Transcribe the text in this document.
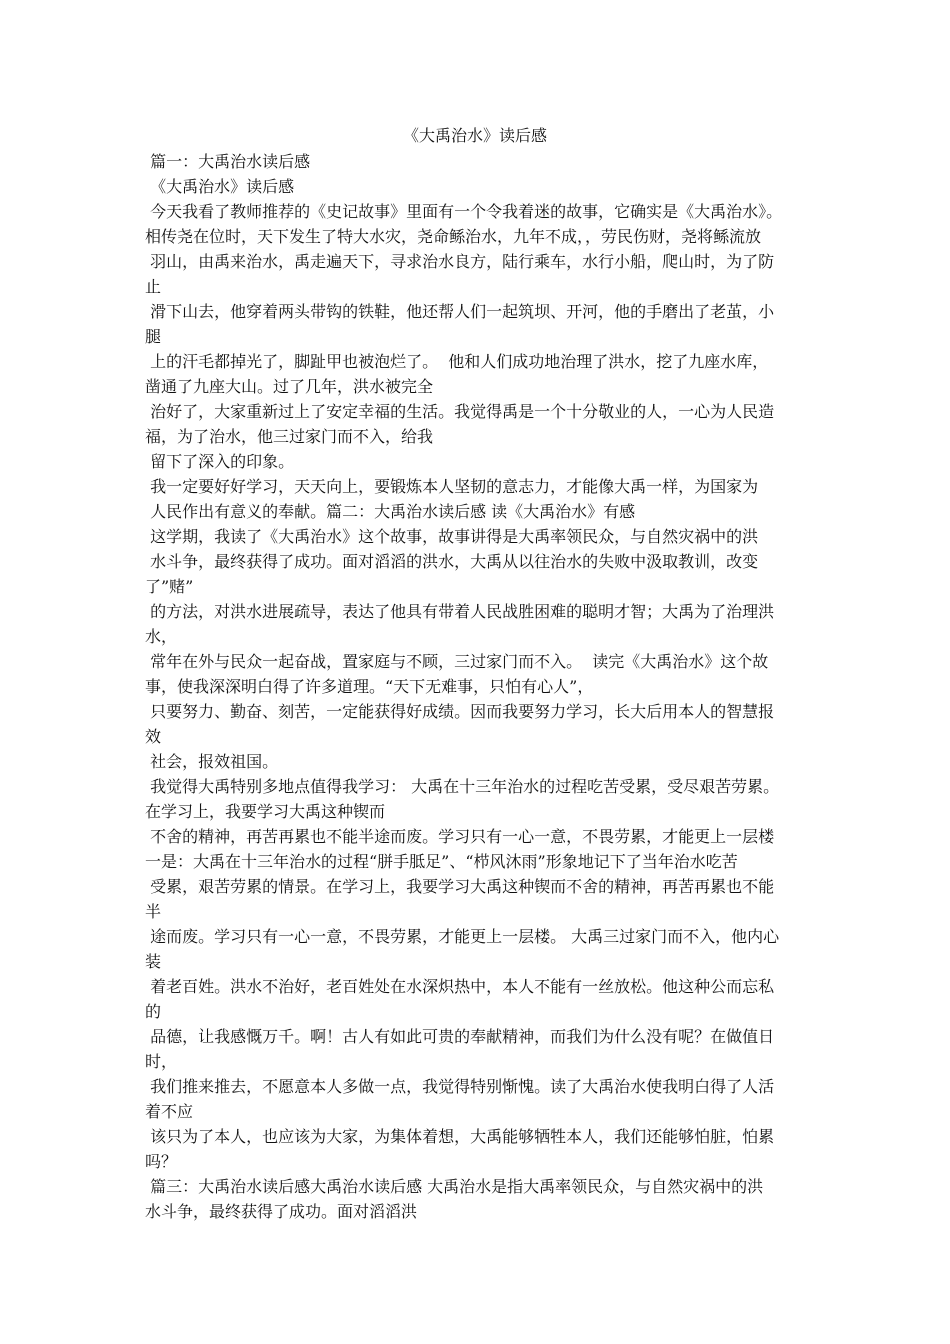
《大禹治水》读后感

篇一：大禹治水读后感

《大禹治水》读后感

今天我看了教师推荐的《史记故事》里面有一个令我着迷的故事，它确实是《大禹治水》。

相传尧在位时，天下发生了特大水灾，尧命鲧治水，九年不成，，劳民伤财，尧将鲧流放

羽山，由禹来治水，禹走遍天下，寻求治水良方，陆行乘车，水行小船，爬山时，为了防

止

滑下山去，他穿着两头带钩的铁鞋，他还帮人们一起筑坝、开河，他的手磨出了老茧，小

腿

上的汗毛都掉光了，脚趾甲也被泡烂了。  他和人们成功地治理了洪水，挖了九座水库，

凿通了九座大山。过了几年，洪水被完全

治好了，大家重新过上了安定幸福的生活。我觉得禹是一个十分敬业的人，一心为人民造

福，为了治水，他三过家门而不入，给我

留下了深入的印象。

我一定要好好学习，天天向上，要锻炼本人坚韧的意志力，才能像大禹一样，为国家为

人民作出有意义的奉献。篇二：大禹治水读后感 读《大禹治水》有感

这学期，我读了《大禹治水》这个故事，故事讲得是大禹率领民众，与自然灾祸中的洪

水斗争，最终获得了成功。面对滔滔的洪水，大禹从以往治水的失败中汲取教训，改变

了”赌”

的方法，对洪水进展疏导，表达了他具有带着人民战胜困难的聪明才智；大禹为了治理洪

水，

常年在外与民众一起奋战，置家庭与不顾，三过家门而不入。  读完《大禹治水》这个故

事，使我深深明白得了许多道理。“天下无难事，只怕有心人”，

只要努力、勤奋、刻苦，一定能获得好成绩。因而我要努力学习，长大后用本人的智慧报

效

社会，报效祖国。

我觉得大禹特别多地点值得我学习： 大禹在十三年治水的过程吃苦受累，受尽艰苦劳累。

在学习上，我要学习大禹这种锲而

不舍的精神，再苦再累也不能半途而废。学习只有一心一意，不畏劳累，才能更上一层楼

一是：大禹在十三年治水的过程“胼手胝足”、“栉风沐雨”形象地记下了当年治水吃苦

受累，艰苦劳累的情景。在学习上，我要学习大禹这种锲而不舍的精神，再苦再累也不能

半

途而废。学习只有一心一意，不畏劳累，才能更上一层楼。 大禹三过家门而不入，他内心

装

着老百姓。洪水不治好，老百姓处在水深炽热中，本人不能有一丝放松。他这种公而忘私

的

品德，让我感慨万千。啊！古人有如此可贵的奉献精神，而我们为什么没有呢？在做值日

时，

我们推来推去，不愿意本人多做一点，我觉得特别惭愧。读了大禹治水使我明白得了人活

着不应

该只为了本人，也应该为大家，为集体着想，大禹能够牺牲本人，我们还能够怕脏，怕累

吗？

篇三：大禹治水读后感大禹治水读后感 大禹治水是指大禹率领民众，与自然灾祸中的洪

水斗争，最终获得了成功。面对滔滔洪
